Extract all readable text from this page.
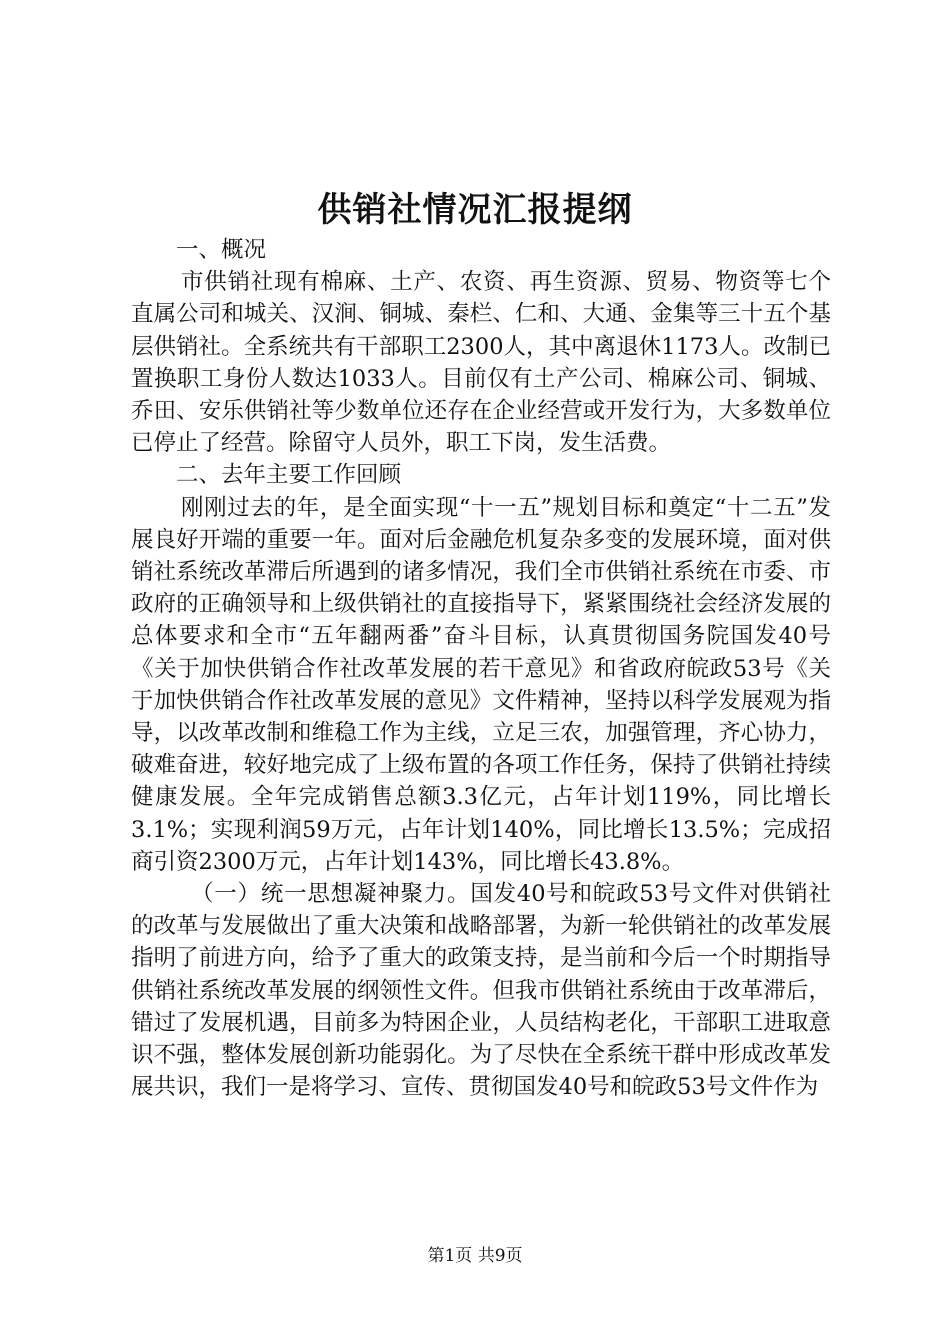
供销社情况汇报提纲

一、概况

市供销社现有棉麻、土产、农资、再生资源、贸易、物资等七个直属公司和城关、汉涧、铜城、秦栏、仁和、大通、金集等三十五个基层供销社。全系统共有干部职工2300人，其中离退休1173人。改制已置换职工身份人数达1033人。目前仅有土产公司、棉麻公司、铜城、乔田、安乐供销社等少数单位还存在企业经营或开发行为，大多数单位已停止了经营。除留守人员外，职工下岗，发生活费。

二、去年主要工作回顾

刚刚过去的年，是全面实现“十一五”规划目标和奠定“十二五”发展良好开端的重要一年。面对后金融危机复杂多变的发展环境，面对供销社系统改革滞后所遇到的诸多情况，我们全市供销社系统在市委、市政府的正确领导和上级供销社的直接指导下，紧紧围绕社会经济发展的总体要求和全市“五年翻两番”奋斗目标，认真贯彻国务院国发40号《关于加快供销合作社改革发展的若干意见》和省政府皖政53号《关于加快供销合作社改革发展的意见》文件精神，坚持以科学发展观为指导，以改革改制和维稳工作为主线，立足三农，加强管理，齐心协力，破难奋进，较好地完成了上级布置的各项工作任务，保持了供销社持续健康发展。全年完成销售总额3.3亿元，占年计划119%，同比增长3.1%；实现利润59万元，占年计划140%，同比增长13.5%；完成招商引资2300万元，占年计划143%，同比增长43.8%。

（一）统一思想凝神聚力。国发40号和皖政53号文件对供销社的改革与发展做出了重大决策和战略部署，为新一轮供销社的改革发展指明了前进方向，给予了重大的政策支持，是当前和今后一个时期指导供销社系统改革发展的纲领性文件。但我市供销社系统由于改革滞后，错过了发展机遇，目前多为特困企业，人员结构老化，干部职工进取意识不强，整体发展创新功能弱化。为了尽快在全系统干群中形成改革发展共识，我们一是将学习、宣传、贯彻国发40号和皖政53号文件作为

第1页 共9页
